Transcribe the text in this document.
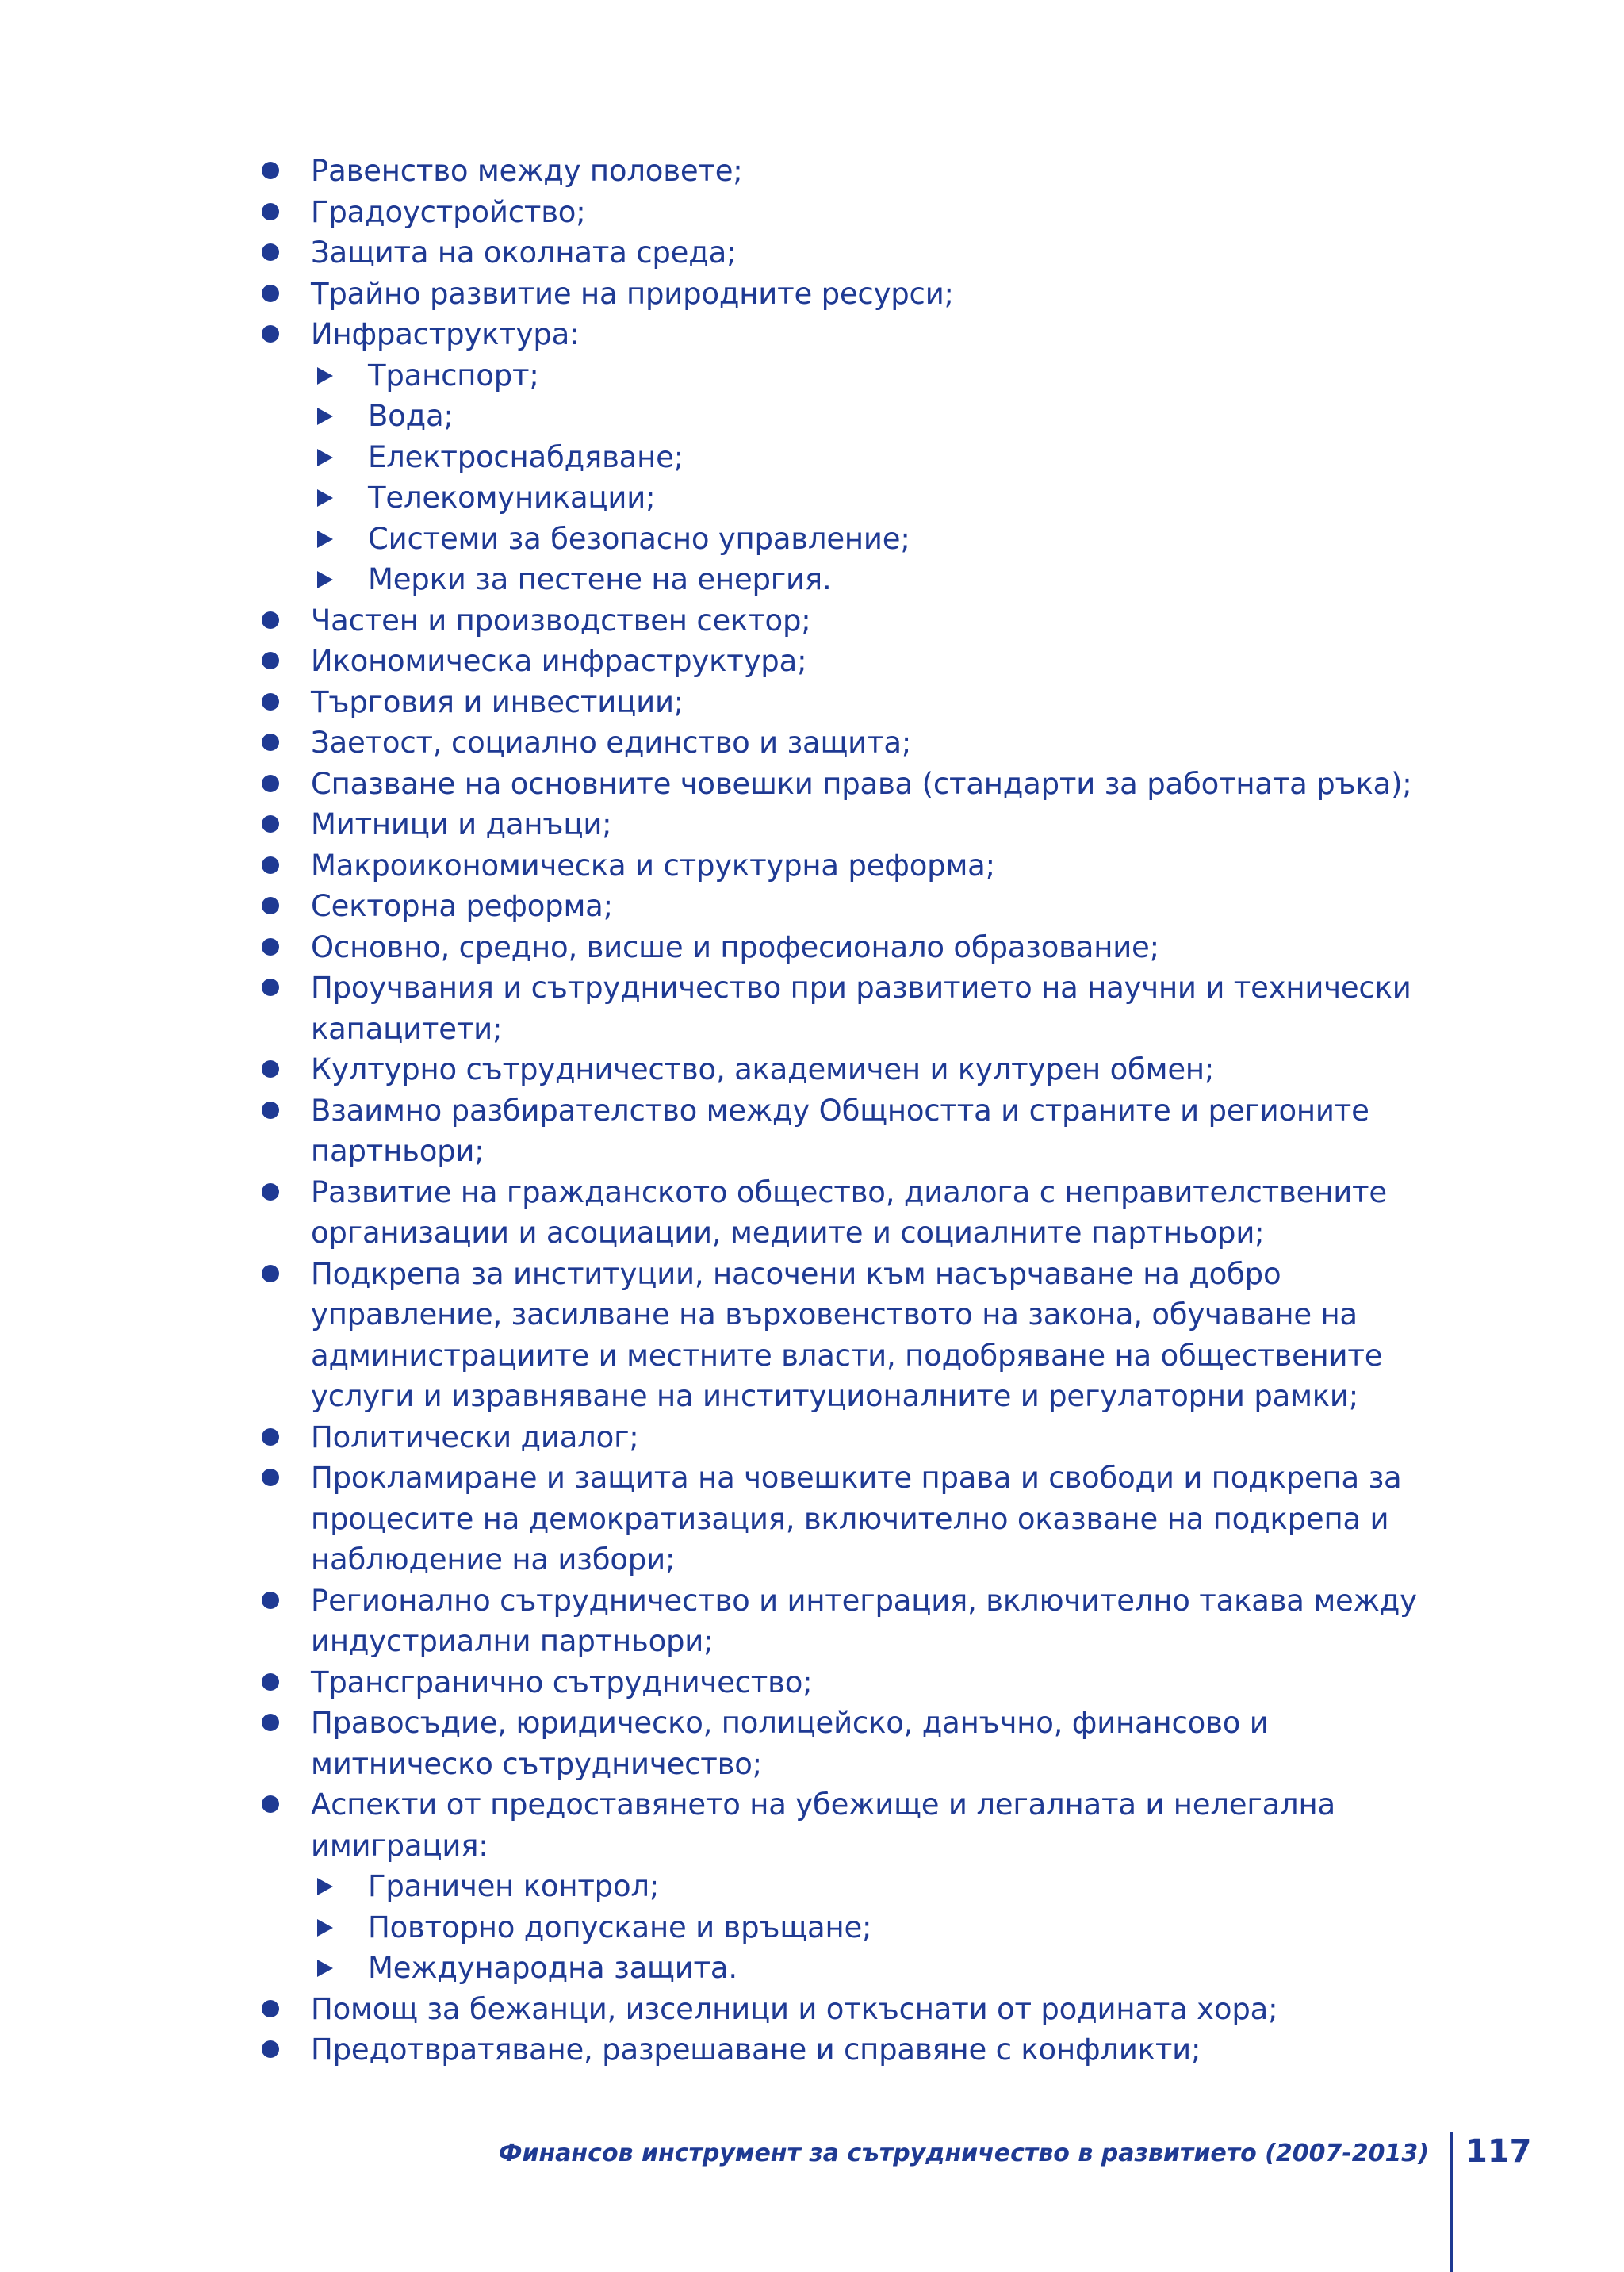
Равенство между половете;

Градоустройство;

Защита на околната среда;

Трайно развитие на природните ресурси;

Инфраструктура:

Транспорт;

Вода;

Електроснабдяване;

Телекомуникации;

Системи за безопасно управление;

Мерки за пестене на енергия.

Частен и производствен сектор;

Икономическа инфраструктура;

Търговия и инвестиции;

Заетост, социално единство и защита;

Спазване на основните човешки права (стандарти за работната ръка);

Митници и данъци;

Макроикономическа и структурна реформа;

Секторна реформа;

Основно, средно, висше и професионало образование;

Проучвания и сътрудничество при развитието на научни и технически капацитети;

Културно сътрудничество, академичен и културен обмен;

Взаимно разбирателство между Общността и страните и регионите партньори;

Развитие на гражданското общество, диалога с неправителствените организации и асоциации, медиите и социалните партньори;

Подкрепа за институции, насочени към насърчаване на добро управление, засилване на върховенството на закона, обучаване на администрациите и местните власти, подобряване на обществените услуги и изравняване на институционалните и регулаторни рамки;

Политически диалог;

Прокламиране и защита на човешките права и свободи и подкрепа за процесите на демократизация, включително оказване на подкрепа и наблюдение на избори;

Регионално сътрудничество и интеграция, включително такава между индустриални партньори;

Трансгранично сътрудничество;

Правосъдие, юридическо, полицейско, данъчно, финансово и митническо сътрудничество;

Аспекти от предоставянето на убежище и легалната и нелегална имиграция:

Граничен контрол;

Повторно допускане и връщане;

Международна защита.

Помощ за бежанци, изселници и откъснати от родината хора;

Предотвратяване, разрешаване и справяне с конфликти;

Финансов инструмент за сътрудничество в развитието (2007-2013) 117
